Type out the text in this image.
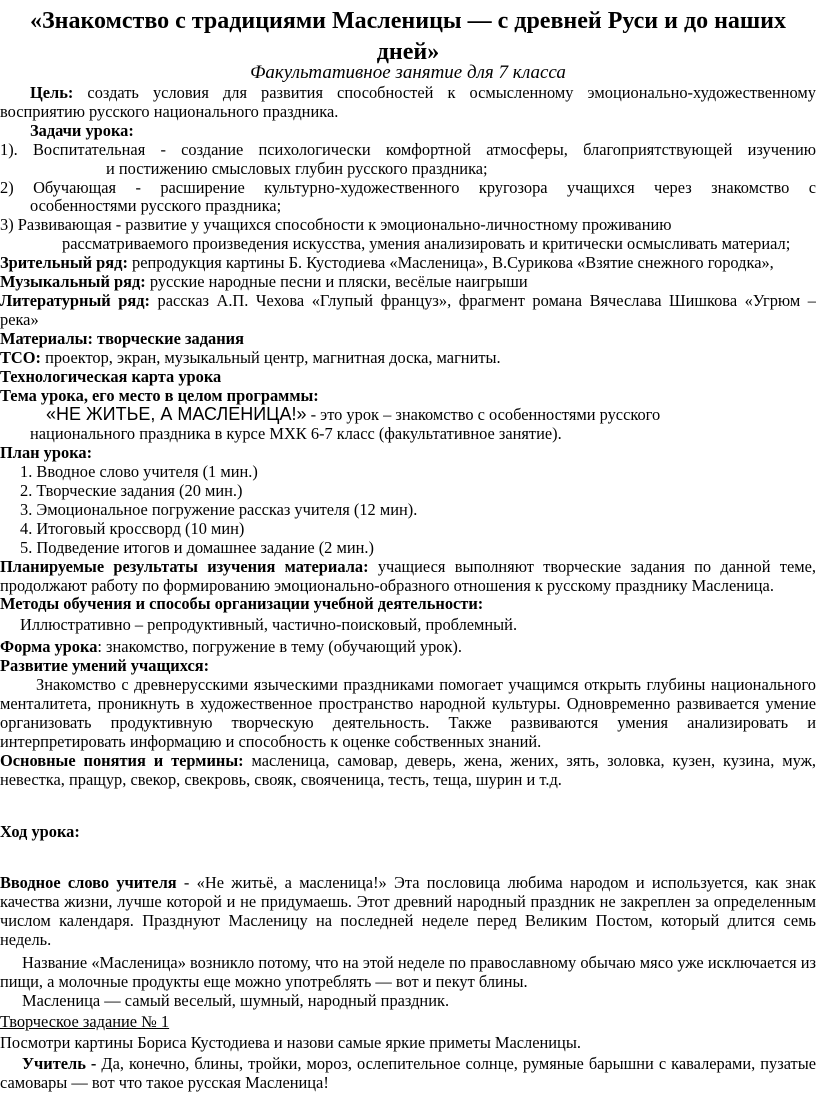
«Знакомство с традициями Масленицы — с древней Руси и до наших дней»

Факультативное занятие для 7 класса

Цель: создать условия для развития способностей к осмысленному эмоционально-художественному восприятию русского национального праздника.

Задачи урока:

1). Воспитательная - создание психологически комфортной атмосферы, благоприятствующей изучению

и постижению смысловых глубин русского праздника;

2) Обучающая - расширение культурно-художественного кругозора учащихся через знакомство с

особенностями русского праздника;

3) Развивающая - развитие у учащихся способности к эмоционально-личностному проживанию

рассматриваемого произведения искусства, умения анализировать и критически осмысливать материал;

Зрительный ряд: репродукция картины Б. Кустодиева «Масленица», В.Сурикова «Взятие снежного городка»,

Музыкальный ряд: русские народные песни и пляски, весёлые наигрыши

Литературный ряд: рассказ А.П. Чехова «Глупый француз», фрагмент романа Вячеслава Шишкова «Угрюм – река»

Материалы: творческие задания

ТСО: проектор, экран, музыкальный центр, магнитная доска, магниты.

Технологическая карта урока

Тема урока, его место в целом программы:

«НЕ ЖИТЬЕ, А МАСЛЕНИЦА!» - это урок – знакомство с особенностями русского

национального праздника в курсе МХК 6-7 класс (факультативное занятие).

План урока:

1. Вводное слово учителя (1 мин.)

2. Творческие задания (20 мин.)

3. Эмоциональное погружение рассказ учителя (12 мин).

4. Итоговый кроссворд (10 мин)

5. Подведение итогов и домашнее задание (2 мин.)

Планируемые результаты изучения материала: учащиеся выполняют творческие задания по данной теме, продолжают работу по формированию эмоционально-образного отношения к русскому празднику Масленица.

Методы обучения и способы организации учебной деятельности:

Иллюстративно – репродуктивный, частично-поисковый, проблемный.

Форма урока: знакомство, погружение в тему (обучающий урок).

Развитие умений учащихся:

Знакомство с древнерусскими языческими праздниками помогает учащимся открыть глубины национального менталитета, проникнуть в художественное пространство народной культуры. Одновременно развивается умение организовать продуктивную творческую деятельность. Также развиваются умения анализировать и интерпретировать информацию и способность к оценке собственных знаний.

Основные понятия и термины: масленица, самовар, деверь, жена, жених, зять, золовка, кузен, кузина, муж, невестка, пращур, свекор, свекровь, свояк, свояченица, тесть, теща, шурин и т.д.

Ход урока:

Вводное слово учителя - «Не житьё, а масленица!» Эта пословица любима народом и используется, как знак качества жизни, лучше которой и не придумаешь. Этот древний народный праздник не закреплен за определенным числом календаря. Празднуют Масленицу на последней неделе перед Великим Постом, который длится семь недель.

Название «Масленица» возникло потому, что на этой неделе по православному обычаю мясо уже исключается из пищи, а молочные продукты еще можно употреблять — вот и пекут блины.

Масленица — самый веселый, шумный, народный праздник.

Творческое задание № 1

Посмотри картины Бориса Кустодиева и назови самые яркие приметы Масленицы.

Учитель - Да, конечно, блины, тройки, мороз, ослепительное солнце, румяные барышни с кавалерами, пузатые самовары — вот что такое русская Масленица!
